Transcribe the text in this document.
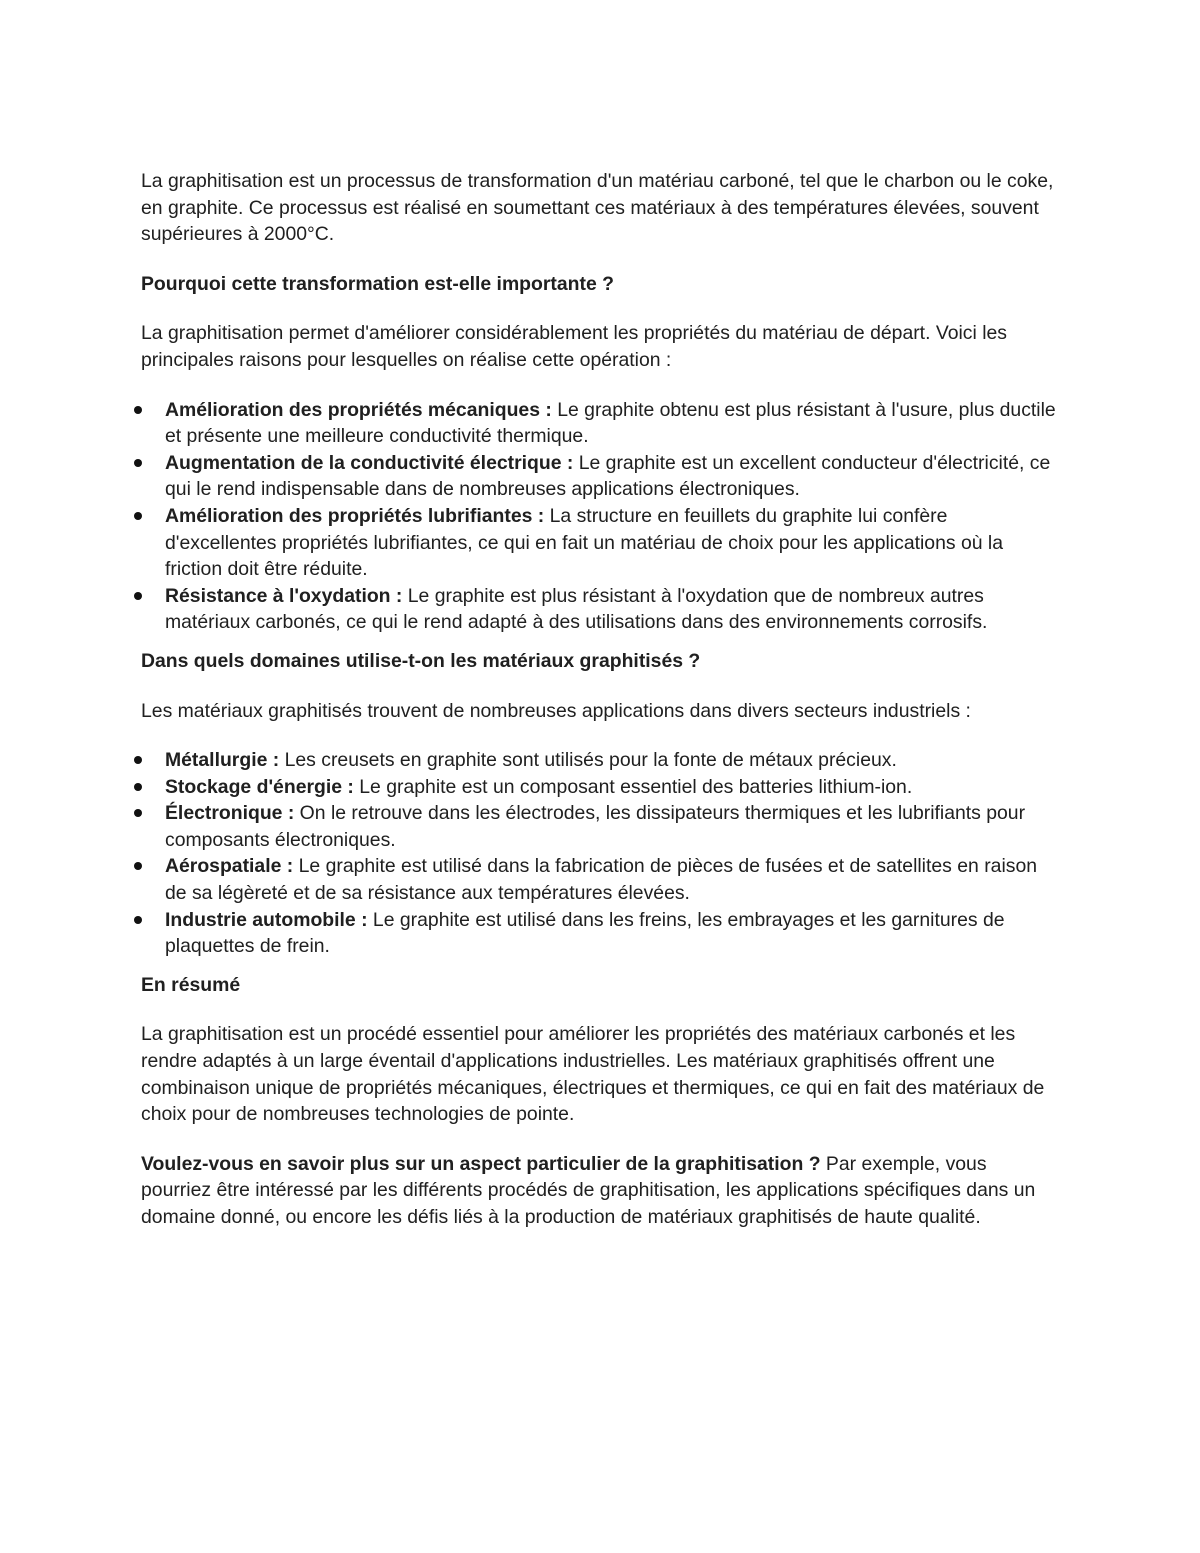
La graphitisation est un processus de transformation d'un matériau carboné, tel que le charbon ou le coke, en graphite. Ce processus est réalisé en soumettant ces matériaux à des températures élevées, souvent supérieures à 2000°C.

Pourquoi cette transformation est-elle importante ?

La graphitisation permet d'améliorer considérablement les propriétés du matériau de départ. Voici les principales raisons pour lesquelles on réalise cette opération :

Amélioration des propriétés mécaniques : Le graphite obtenu est plus résistant à l'usure, plus ductile et présente une meilleure conductivité thermique.
Augmentation de la conductivité électrique : Le graphite est un excellent conducteur d'électricité, ce qui le rend indispensable dans de nombreuses applications électroniques.
Amélioration des propriétés lubrifiantes : La structure en feuillets du graphite lui confère d'excellentes propriétés lubrifiantes, ce qui en fait un matériau de choix pour les applications où la friction doit être réduite.
Résistance à l'oxydation : Le graphite est plus résistant à l'oxydation que de nombreux autres matériaux carbonés, ce qui le rend adapté à des utilisations dans des environnements corrosifs.

Dans quels domaines utilise-t-on les matériaux graphitisés ?

Les matériaux graphitisés trouvent de nombreuses applications dans divers secteurs industriels :

Métallurgie : Les creusets en graphite sont utilisés pour la fonte de métaux précieux.
Stockage d'énergie : Le graphite est un composant essentiel des batteries lithium-ion.
Électronique : On le retrouve dans les électrodes, les dissipateurs thermiques et les lubrifiants pour composants électroniques.
Aérospatiale : Le graphite est utilisé dans la fabrication de pièces de fusées et de satellites en raison de sa légèreté et de sa résistance aux températures élevées.
Industrie automobile : Le graphite est utilisé dans les freins, les embrayages et les garnitures de plaquettes de frein.

En résumé

La graphitisation est un procédé essentiel pour améliorer les propriétés des matériaux carbonés et les rendre adaptés à un large éventail d'applications industrielles. Les matériaux graphitisés offrent une combinaison unique de propriétés mécaniques, électriques et thermiques, ce qui en fait des matériaux de choix pour de nombreuses technologies de pointe.

Voulez-vous en savoir plus sur un aspect particulier de la graphitisation ? Par exemple, vous pourriez être intéressé par les différents procédés de graphitisation, les applications spécifiques dans un domaine donné, ou encore les défis liés à la production de matériaux graphitisés de haute qualité.
